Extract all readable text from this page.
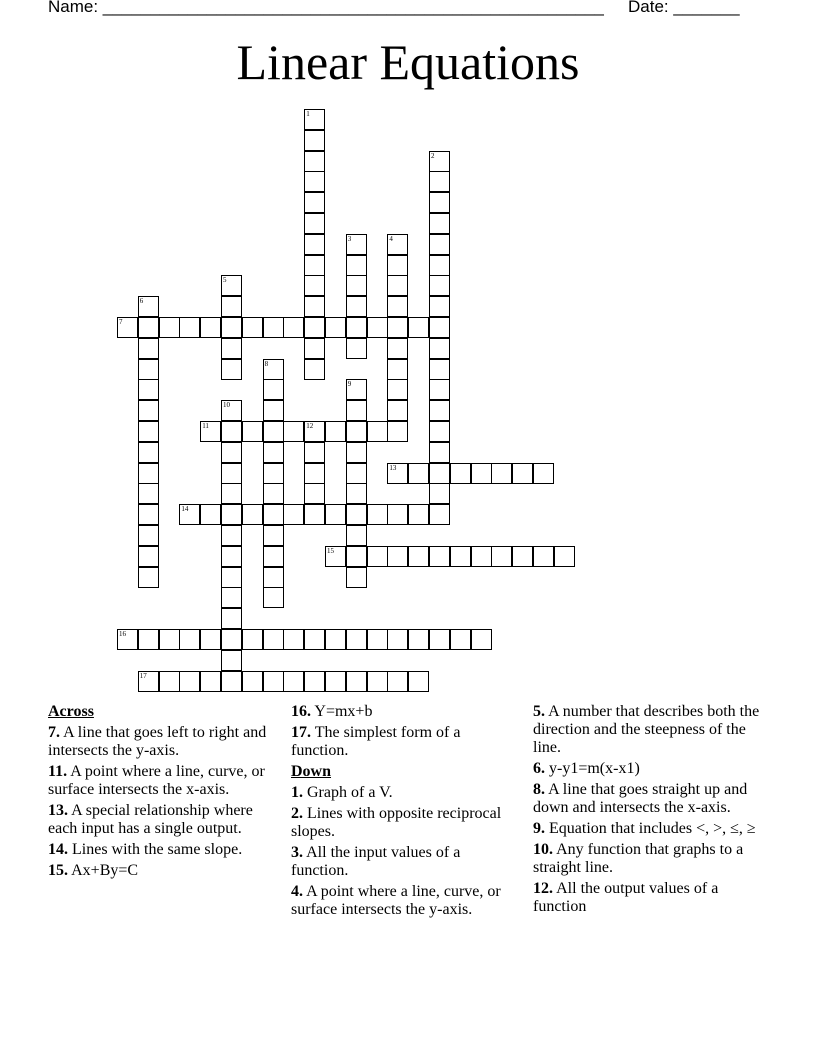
Name: _____________________________________________________ Date: _______
Linear Equations
1
2
3	4
5
6
7
8
9
10
11	12
13
14
15
16
17
Across
7. A line that goes left to right and intersects the y-axis.
11. A point where a line, curve, or surface intersects the x-axis.
13. A special relationship where each input has a single output.
14. Lines with the same slope.
15. Ax+By=C
16. Y=mx+b
17. The simplest form of a function.
Down
1. Graph of a V.
2. Lines with opposite reciprocal slopes.
3. All the input values of a function.
4. A point where a line, curve, or surface intersects the y-axis.
5. A number that describes both the direction and the steepness of the line.
6. y-y1=m(x-x1)
8. A line that goes straight up and down and intersects the x-axis.
9. Equation that includes <, >, ≤, ≥
10. Any function that graphs to a straight line.
12. All the output values of a function
